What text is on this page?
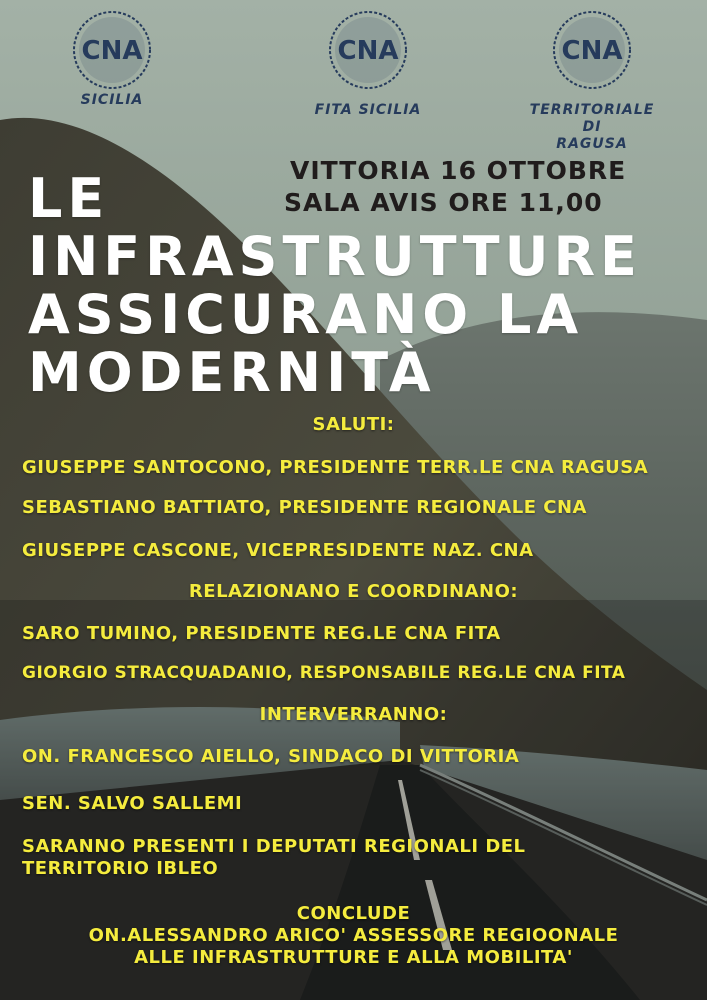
CNA
SICILIA
CNA
FITA SICILIA
CNA
TERRITORIALE DI
RAGUSA
VITTORIA 16 OTTOBRE
SALA AVIS ORE 11,00
LE
INFRASTRUTTURE
ASSICURANO LA
MODERNITÀ
SALUTI:
GIUSEPPE SANTOCONO, PRESIDENTE TERR.LE CNA RAGUSA
SEBASTIANO BATTIATO, PRESIDENTE REGIONALE CNA
GIUSEPPE CASCONE, VICEPRESIDENTE NAZ. CNA
RELAZIONANO E COORDINANO:
SARO TUMINO, PRESIDENTE REG.LE CNA FITA
GIORGIO STRACQUADANIO, RESPONSABILE REG.LE CNA FITA
INTERVERRANNO:
ON. FRANCESCO AIELLO, SINDACO DI VITTORIA
SEN. SALVO SALLEMI
SARANNO PRESENTI I DEPUTATI REGIONALI DEL
TERRITORIO IBLEO
CONCLUDE
ON.ALESSANDRO ARICO' ASSESSORE REGIOONALE
ALLE INFRASTRUTTURE E ALLA MOBILITA'
